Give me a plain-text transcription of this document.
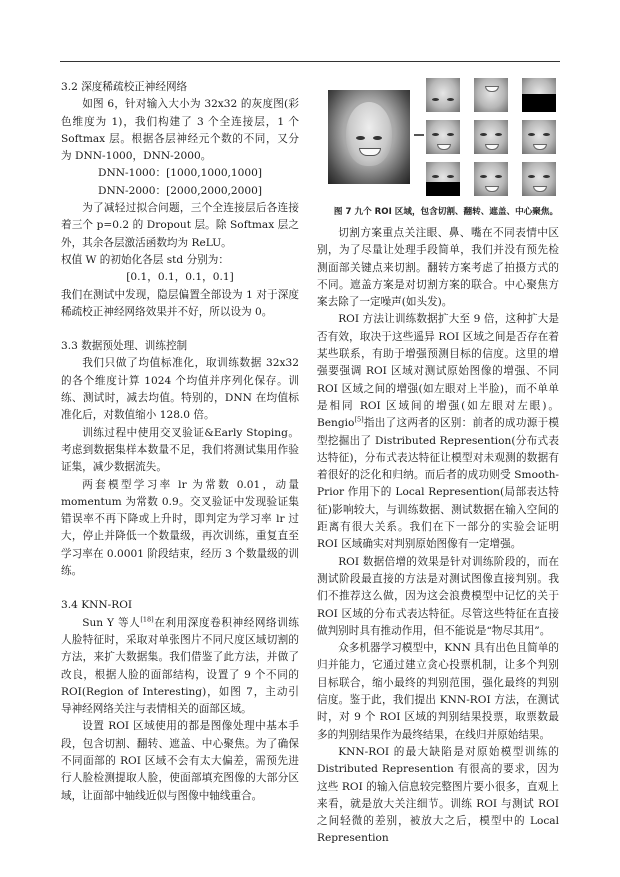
3.2 深度稀疏校正神经网络

如图 6，针对输入大小为 32x32 的灰度图(彩色维度为 1)，我们构建了 3 个全连接层，1 个 Softmax 层。根据各层神经元个数的不同，又分为 DNN-1000，DNN-2000。

DNN-1000：[1000,1000,1000]

DNN-2000：[2000,2000,2000]

为了减轻过拟合问题，三个全连接层后各连接着三个 p=0.2 的 Dropout 层。除 Softmax 层之外，其余各层激活函数均为 ReLU。

权值 W 的初始化各层 std 分别为：

[0.1，0.1，0.1，0.1]

我们在测试中发现，隐层偏置全部设为 1 对于深度稀疏校正神经网络效果并不好，所以设为 0。

3.3 数据预处理、训练控制

我们只做了均值标准化，取训练数据 32x32 的各个维度计算 1024 个均值并序列化保存。训练、测试时，减去均值。特别的，DNN 在均值标准化后，对数值缩小 128.0 倍。

训练过程中使用交叉验证&Early Stoping。考虑到数据集样本数量不足，我们将测试集用作验证集，减少数据流失。

两套模型学习率 lr 为常数 0.01，动量 momentum 为常数 0.9。交叉验证中发现验证集错误率不再下降或上升时，即判定为学习率 lr 过大，停止并降低一个数量级，再次训练，重复直至学习率在 0.0001 阶段结束，经历 3 个数量级的训练。

3.4 KNN-ROI

Sun Y 等人[18]在利用深度卷积神经网络训练人脸特征时，采取对单张图片不同尺度区域切割的方法，来扩大数据集。我们借鉴了此方法，并做了改良，根据人脸的面部结构，设置了 9 个不同的 ROI(Region of Interesting)，如图 7，主动引导神经网络关注与表情相关的面部区域。

设置 ROI 区域使用的都是图像处理中基本手段，包含切割、翻转、遮盖、中心聚焦。为了确保不同面部的 ROI 区域不会有太大偏差，需预先进行人脸检测提取人脸，使面部填充图像的大部分区域，让面部中轴线近似与图像中轴线重合。

图 7 九个 ROI 区域，包含切割、翻转、遮盖、中心聚焦。

切割方案重点关注眼、鼻、嘴在不同表情中区别，为了尽量让处理手段简单，我们并没有预先检测面部关键点来切割。翻转方案考虑了拍摄方式的不同。遮盖方案是对切割方案的联合。中心聚焦方案去除了一定噪声(如头发)。

ROI 方法让训练数据扩大至 9 倍，这种扩大是否有效，取决于这些遥异 ROI 区域之间是否存在着某些联系，有助于增强预测目标的信度。这里的增强要强调 ROI 区域对测试原始图像的增强、不同 ROI 区域之间的增强(如左眼对上半脸)，而不单单是相同 ROI 区域间的增强(如左眼对左眼)。Bengio[5]指出了这两者的区别：前者的成功源于模型挖掘出了 Distributed Represention(分布式表达特征)，分布式表达特征让模型对未观测的数据有着很好的泛化和归纳。而后者的成功则受 Smooth-Prior 作用下的 Local Represention(局部表达特征)影响较大，与训练数据、测试数据在输入空间的距离有很大关系。我们在下一部分的实验会证明 ROI 区域确实对判别原始图像有一定增强。

ROI 数据倍增的效果是针对训练阶段的，而在测试阶段最直接的方法是对测试图像直接判别。我们不推荐这么做，因为这会浪费模型中记忆的关于 ROI 区域的分布式表达特征。尽管这些特征在直接做判别时具有推动作用，但不能说是“物尽其用”。

众多机器学习模型中，KNN 具有出色且简单的归并能力，它通过建立贪心投票机制，让多个判别目标联合，缩小最终的判别范围，强化最终的判别信度。鉴于此，我们提出 KNN-ROI 方法，在测试时，对 9 个 ROI 区域的判别结果投票，取票数最多的判别结果作为最终结果，在线归并原始结果。

KNN-ROI 的最大缺陷是对原始模型训练的 Distributed Represention 有很高的要求，因为这些 ROI 的输入信息较完整图片要小很多，直观上来看，就是放大关注细节。训练 ROI 与测试 ROI 之间轻微的差别，被放大之后，模型中的 Local Represention
